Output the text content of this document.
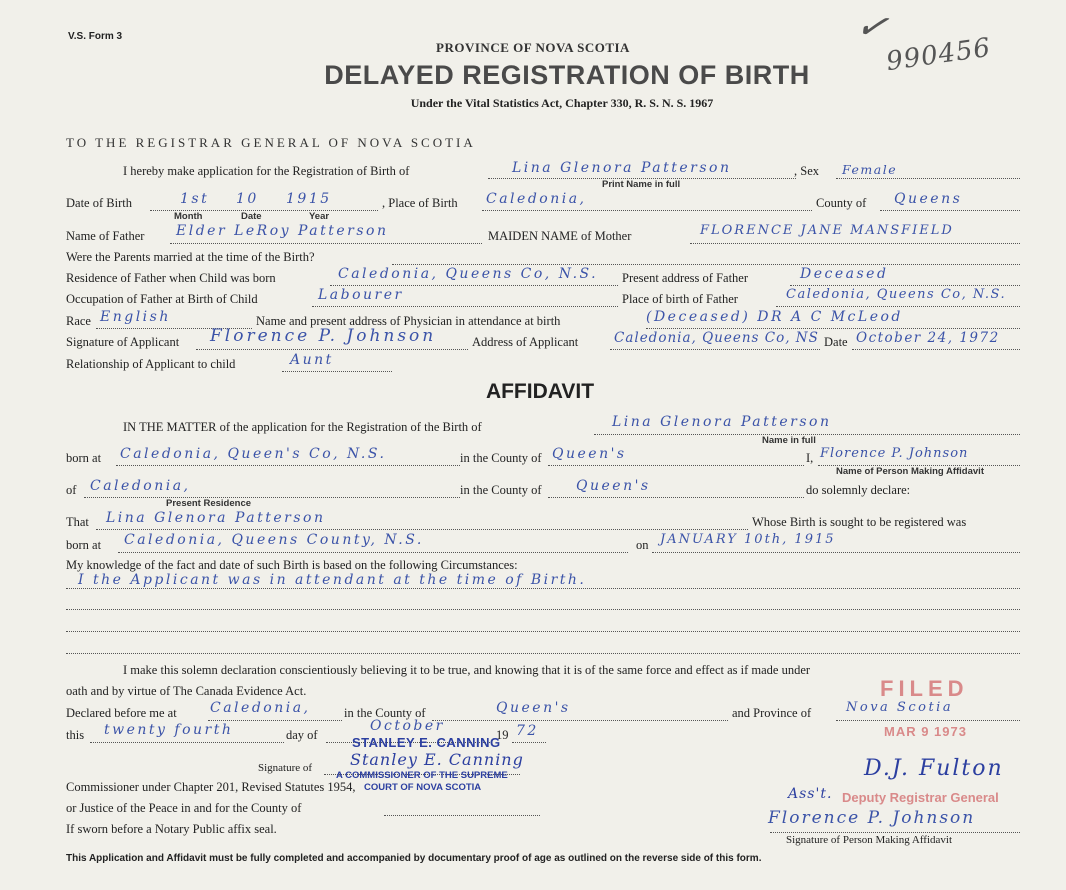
V.S. Form 3
PROVINCE OF NOVA SCOTIA
DELAYED REGISTRATION OF BIRTH
Under the Vital Statistics Act, Chapter 330, R. S. N. S. 1967
990456
✓
TO THE REGISTRAR GENERAL OF NOVA SCOTIA
I hereby make application for the Registration of Birth of	Lina Glenora Patterson	, Sex Female
Print Name in full
Date of Birth	1st 10 1915	, Place of Birth Caledonia,	County of Queens
Month	Date	Year
Name of Father Elder LeRoy Patterson	MAIDEN NAME of Mother	FLORENCE JANE MANSFIELD
Were the Parents married at the time of the Birth?
Residence of Father when Child was born	Caledonia, Queens Co, N.S. Present address of Father	Deceased
Occupation of Father at Birth of Child	Labourer	Place of birth of Father	Caledonia, Queens Co, N.S.
Race English	Name and present address of Physician in attendance at birth	(Deceased) DR A C McLeod
Signature of Applicant Florence P. Johnson	Address of Applicant	Caledonia, Queens Co, NS Date October 24, 1972
Relationship of Applicant to child	Aunt
AFFIDAVIT
IN THE MATTER of the application for the Registration of the Birth of	Lina Glenora Patterson
Name in full
born at Caledonia, Queen's Co, N.S.	in the County of Queen's	I, Florence P. Johnson
Name of Person Making Affidavit
of Caledonia,
Present Residence
in the County of Queen's	do solemnly declare:
That Lina Glenora Patterson	Whose Birth is sought to be registered was
born at Caledonia, Queens County, N.S.	on JANUARY 10th, 1915
My knowledge of the fact and date of such Birth is based on the following Circumstances:
I the Applicant was in attendant at the time of Birth.
I make this solemn declaration conscientiously believing it to be true, and knowing that it is of the same force and effect as if made under
oath and by virtue of The Canada Evidence Act.
Declared before me at Caledonia,	in the County of	Queen's	and Province of	Nova Scotia
this twenty fourth	day of
October
19 72
STANLEY E. CANNING
Signature of Stanley E. Canning
A COMMISSIONER OF THE SUPREME
COURT OF NOVA SCOTIA
Commissioner under Chapter 201, Revised Statutes 1954,
or Justice of the Peace in and for the County of
If sworn before a Notary Public affix seal.
FILED
MAR 9 1973
D.J. Fulton
Ass't. Deputy Registrar General
Florence P. Johnson
Signature of Person Making Affidavit
This Application and Affidavit must be fully completed and accompanied by documentary proof of age as outlined on the reverse side of this form.
